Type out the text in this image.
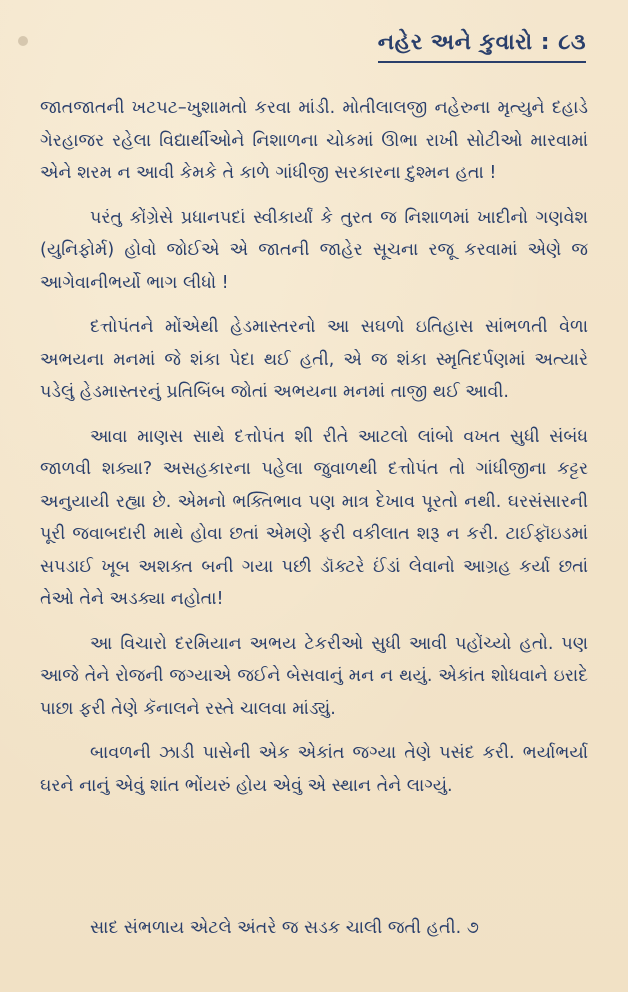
નહેર અને કુવારો : ૮૩

જાતજાતની ખટપટ–ખુશામતો કરવા માંડી. મોતીલાલજી નહેરુના મૃત્યુને દહાડે ગેરહાજર રહેલા વિદ્યાર્થીઓને નિશાળના ચોકમાં ઊભા રાખી સોટીઓ મારવામાં એને શરમ ન આવી કેમકે તે કાળે ગાંધીજી સરકારના દુશ્મન હતા !

પરંતુ કોંગ્રેસે પ્રધાનપદાં સ્વીકાર્યાં કે તુરત જ નિશાળમાં ખાદીનો ગણવેશ (યુનિફોર્મ) હોવો જોઈએ એ જાતની જાહેર સૂચના રજૂ કરવામાં એણે જ આગેવાનીભર્યો ભાગ લીધો !

દત્તોપંતને મોંએથી હેડમાસ્તરનો આ સઘળો ઇતિહાસ સાંભળતી વેળા અભયના મનમાં જે શંકા પેદા થઈ હતી, એ જ શંકા સ્મૃતિદર્પણમાં અત્યારે પડેલું હેડમાસ્તરનું પ્રતિબિંબ જોતાં અભયના મનમાં તાજી થઈ આવી.

આવા માણસ સાથે દત્તોપંત શી રીતે આટલો લાંબો વખત સુધી સંબંધ જાળવી શક્યા? અસહકારના પહેલા જુવાળથી દત્તોપંત તો ગાંધીજીના કટ્ટર અનુયાયી રહ્યા છે. એમનો ભક્તિભાવ પણ માત્ર દેખાવ પૂરતો નથી. ઘરસંસારની પૂરી જવાબદારી માથે હોવા છતાં એમણે ફરી વકીલાત શરૂ ન કરી. ટાઈફૉઇડમાં સપડાઈ ખૂબ અશક્ત બની ગયા પછી ડૉક્ટરે ઈંડાં લેવાનો આગ્રહ કર્યા છતાં તેઓ તેને અડક્યા નહોતા!

આ વિચારો દરમિયાન અભય ટેકરીઓ સુધી આવી પહોંચ્યો હતો. પણ આજે તેને રોજની જગ્યાએ જઈને બેસવાનું મન ન થયું. એકાંત શોધવાને ઇરાદે પાછા ફરી તેણે કૅનાલને રસ્તે ચાલવા માંડ્યું.

બાવળની ઝાડી પાસેની એક એકાંત જગ્યા તેણે પસંદ કરી. ભર્યાભર્યા ઘરને નાનું એવું શાંત ભોંયરું હોય એવું એ સ્થાન તેને લાગ્યું.

સાદ સંભળાય એટલે અંતરે જ સડક ચાલી જતી હતી. ૭
